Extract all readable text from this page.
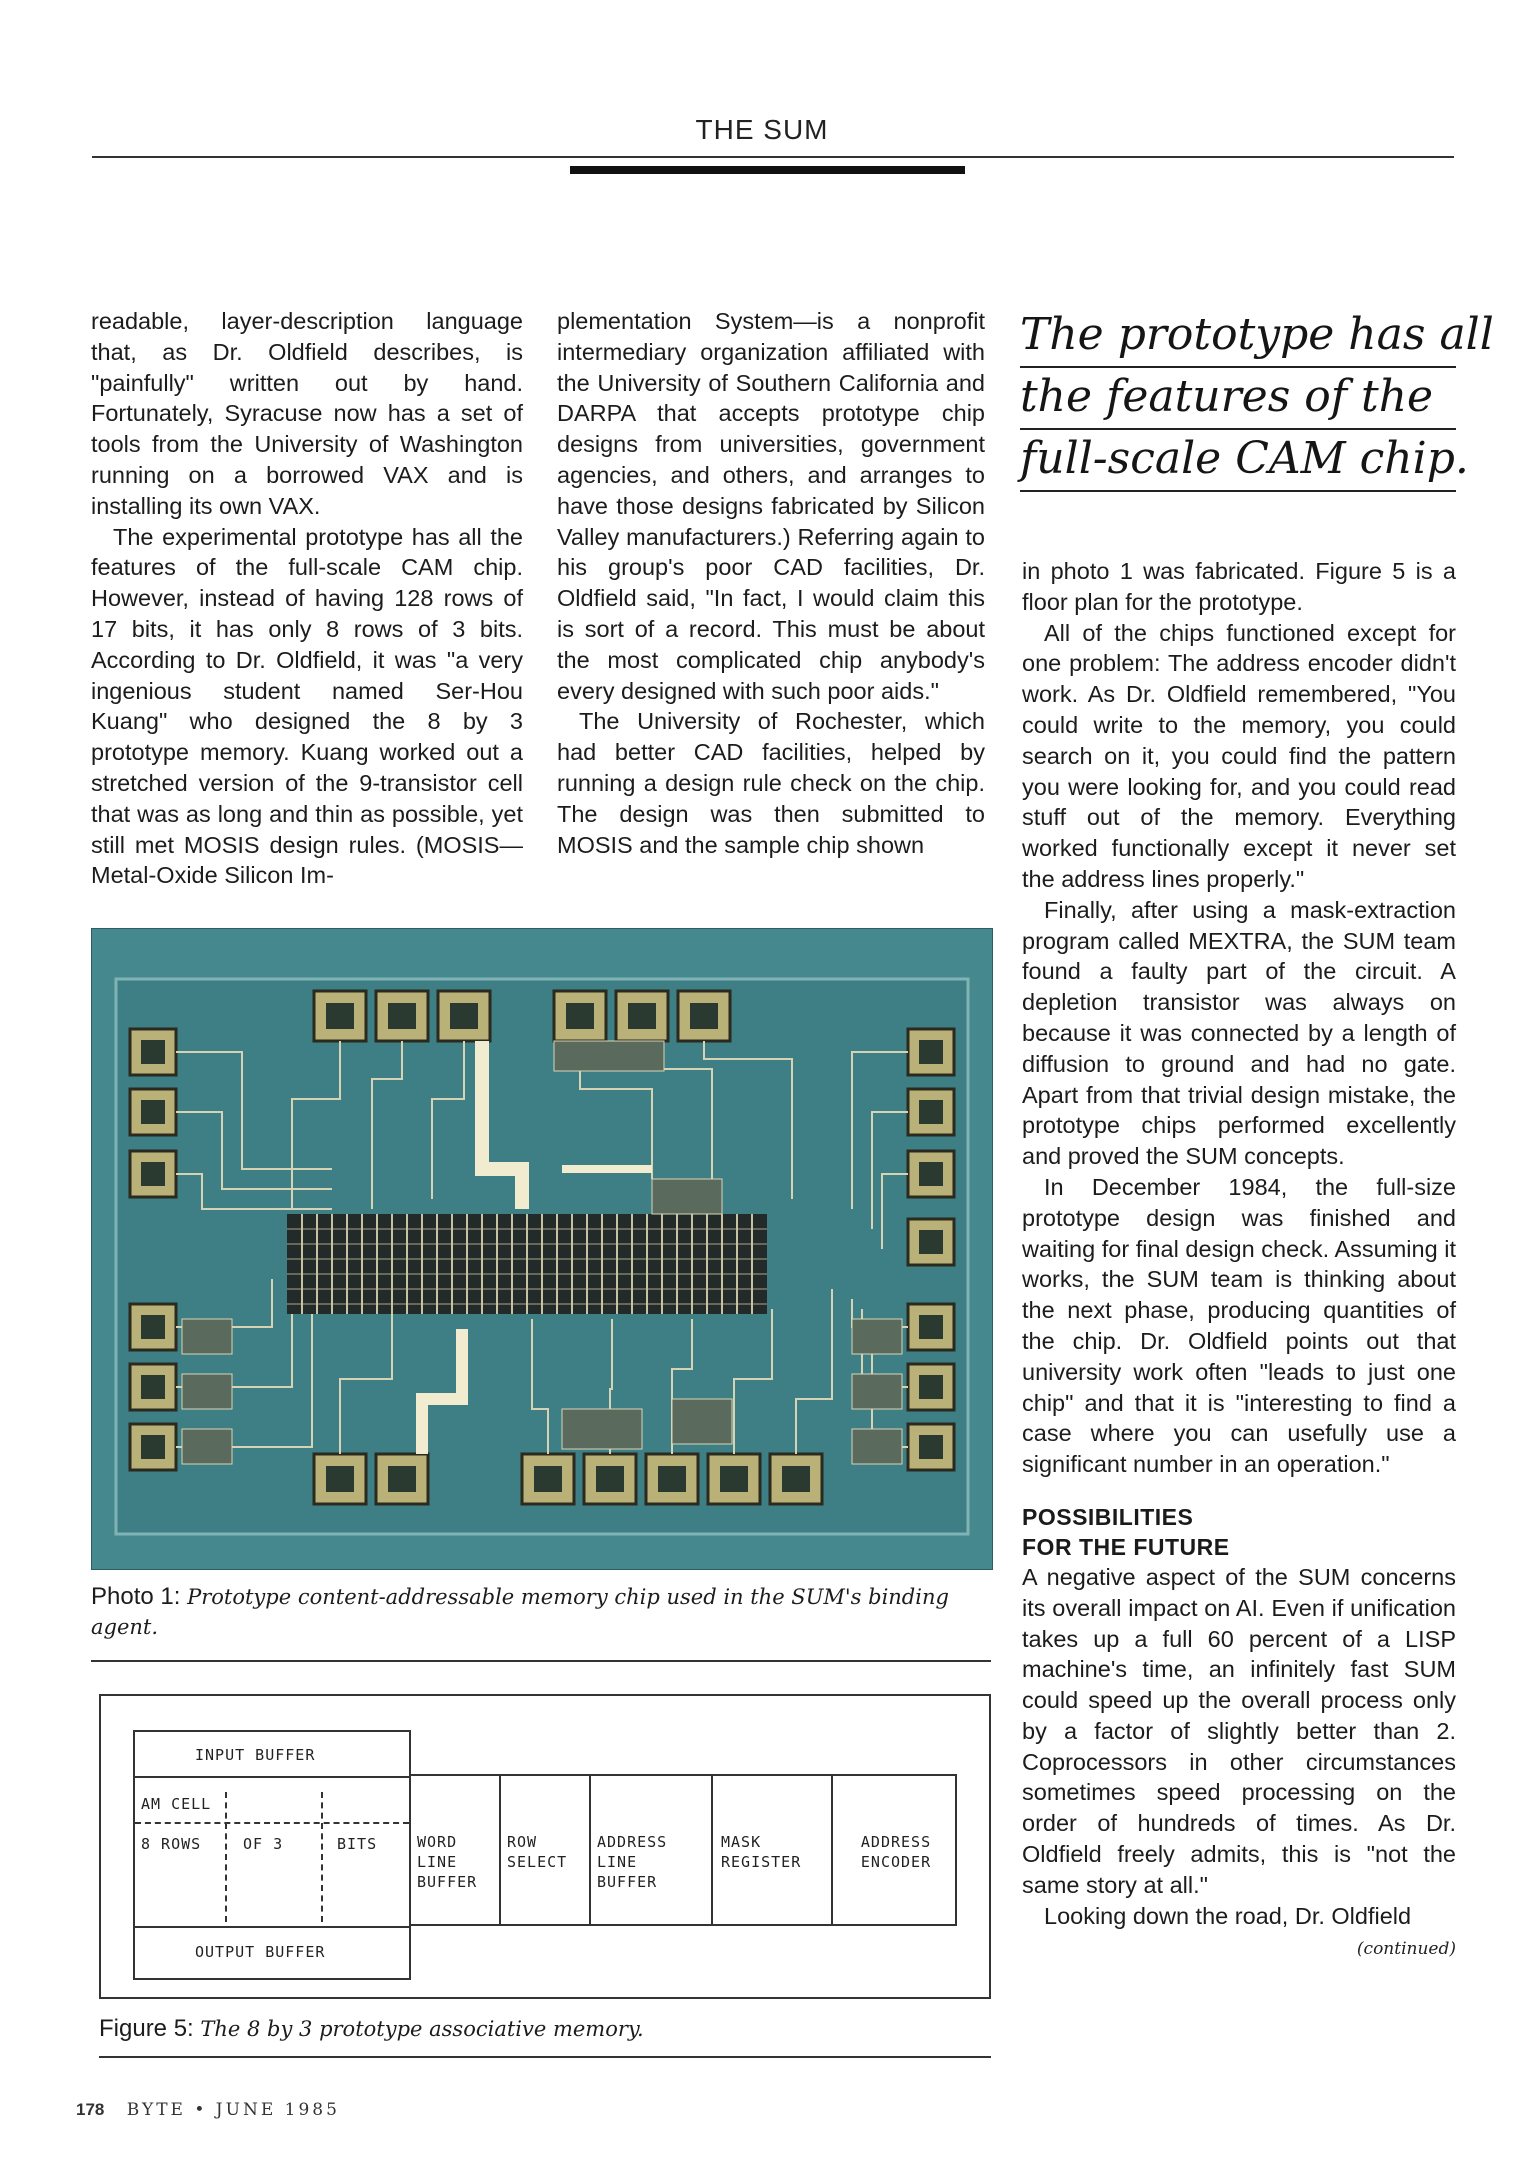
THE SUM

readable, layer-description language that, as Dr. Oldfield describes, is "painfully" written out by hand. Fortunately, Syracuse now has a set of tools from the University of Washington running on a borrowed VAX and is installing its own VAX.

The experimental prototype has all the features of the full-scale CAM chip. However, instead of having 128 rows of 17 bits, it has only 8 rows of 3 bits. According to Dr. Oldfield, it was "a very ingenious student named Ser-Hou Kuang" who designed the 8 by 3 prototype memory. Kuang worked out a stretched version of the 9-transistor cell that was as long and thin as possible, yet still met MOSIS design rules. (MOSIS—Metal-Oxide Silicon Im-

plementation System—is a nonprofit intermediary organization affiliated with the University of Southern California and DARPA that accepts prototype chip designs from universities, government agencies, and others, and arranges to have those designs fabricated by Silicon Valley manufacturers.) Referring again to his group's poor CAD facilities, Dr. Oldfield said, "In fact, I would claim this is sort of a record. This must be about the most complicated chip anybody's every designed with such poor aids."

The University of Rochester, which had better CAD facilities, helped by running a design rule check on the chip. The design was then submitted to MOSIS and the sample chip shown

The prototype has all
the features of the
full-scale CAM chip.

in photo 1 was fabricated. Figure 5 is a floor plan for the prototype.

All of the chips functioned except for one problem: The address encoder didn't work. As Dr. Oldfield remembered, "You could write to the memory, you could search on it, you could find the pattern you were looking for, and you could read stuff out of the memory. Everything worked functionally except it never set the address lines properly."

Finally, after using a mask-extraction program called MEXTRA, the SUM team found a faulty part of the circuit. A depletion transistor was always on because it was connected by a length of diffusion to ground and had no gate. Apart from that trivial design mistake, the prototype chips performed excellently and proved the SUM concepts.

In December 1984, the full-size prototype design was finished and waiting for final design check. Assuming it works, the SUM team is thinking about the next phase, producing quantities of the chip. Dr. Oldfield points out that university work often "leads to just one chip" and that it is "interesting to find a case where you can usefully use a significant number in an operation."

POSSIBILITIES
FOR THE FUTURE

A negative aspect of the SUM concerns its overall impact on AI. Even if unification takes up a full 60 percent of a LISP machine's time, an infinitely fast SUM could speed up the overall process only by a factor of slightly better than 2. Coprocessors in other circumstances sometimes speed processing on the order of hundreds of times. As Dr. Oldfield freely admits, this is "not the same story at all."

Looking down the road, Dr. Oldfield

(continued)
Photo 1: Prototype content-addressable memory chip used in the SUM's binding agent.
INPUT BUFFER
AM CELL
8 ROWS	OF 3	BITS
OUTPUT BUFFER
WORD LINE BUFFER
ROW SELECT
ADDRESS LINE BUFFER
MASK REGISTER
ADDRESS ENCODER
Figure 5: The 8 by 3 prototype associative memory.
178 BYTE • JUNE 1985
